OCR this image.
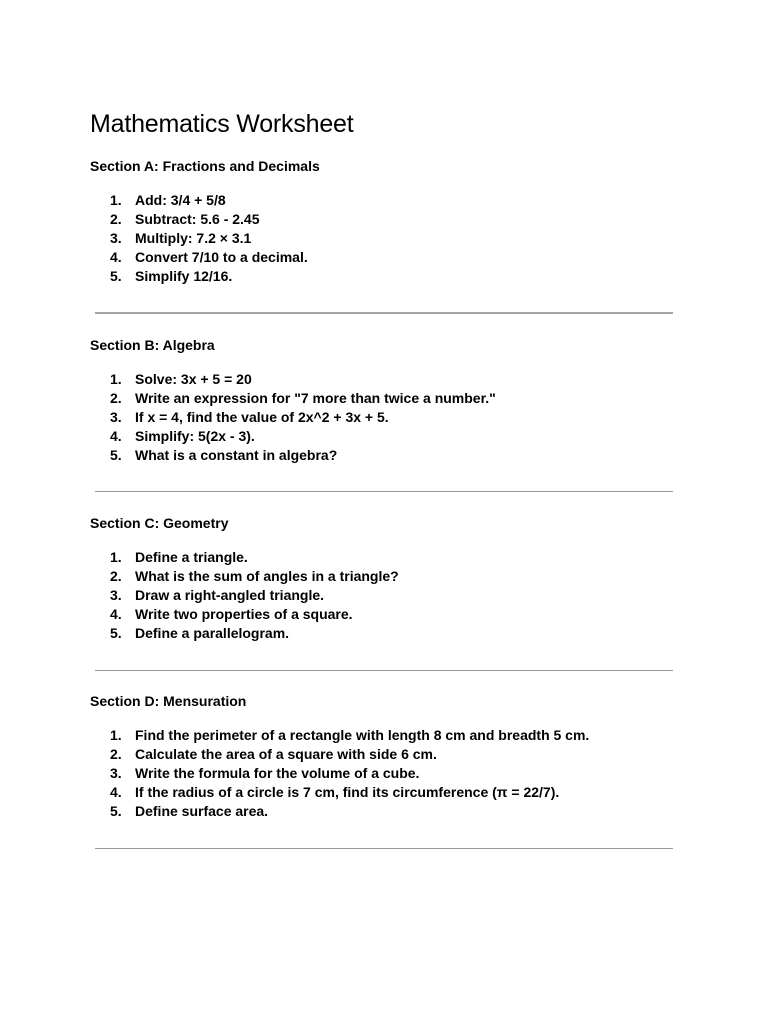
Mathematics Worksheet
Section A: Fractions and Decimals
1. Add: 3/4 + 5/8
2. Subtract: 5.6 - 2.45
3. Multiply: 7.2 × 3.1
4. Convert 7/10 to a decimal.
5. Simplify 12/16.
Section B: Algebra
1. Solve: 3x + 5 = 20
2. Write an expression for "7 more than twice a number."
3. If x = 4, find the value of 2x^2 + 3x + 5.
4. Simplify: 5(2x - 3).
5. What is a constant in algebra?
Section C: Geometry
1. Define a triangle.
2. What is the sum of angles in a triangle?
3. Draw a right-angled triangle.
4. Write two properties of a square.
5. Define a parallelogram.
Section D: Mensuration
1. Find the perimeter of a rectangle with length 8 cm and breadth 5 cm.
2. Calculate the area of a square with side 6 cm.
3. Write the formula for the volume of a cube.
4. If the radius of a circle is 7 cm, find its circumference (π = 22/7).
5. Define surface area.
